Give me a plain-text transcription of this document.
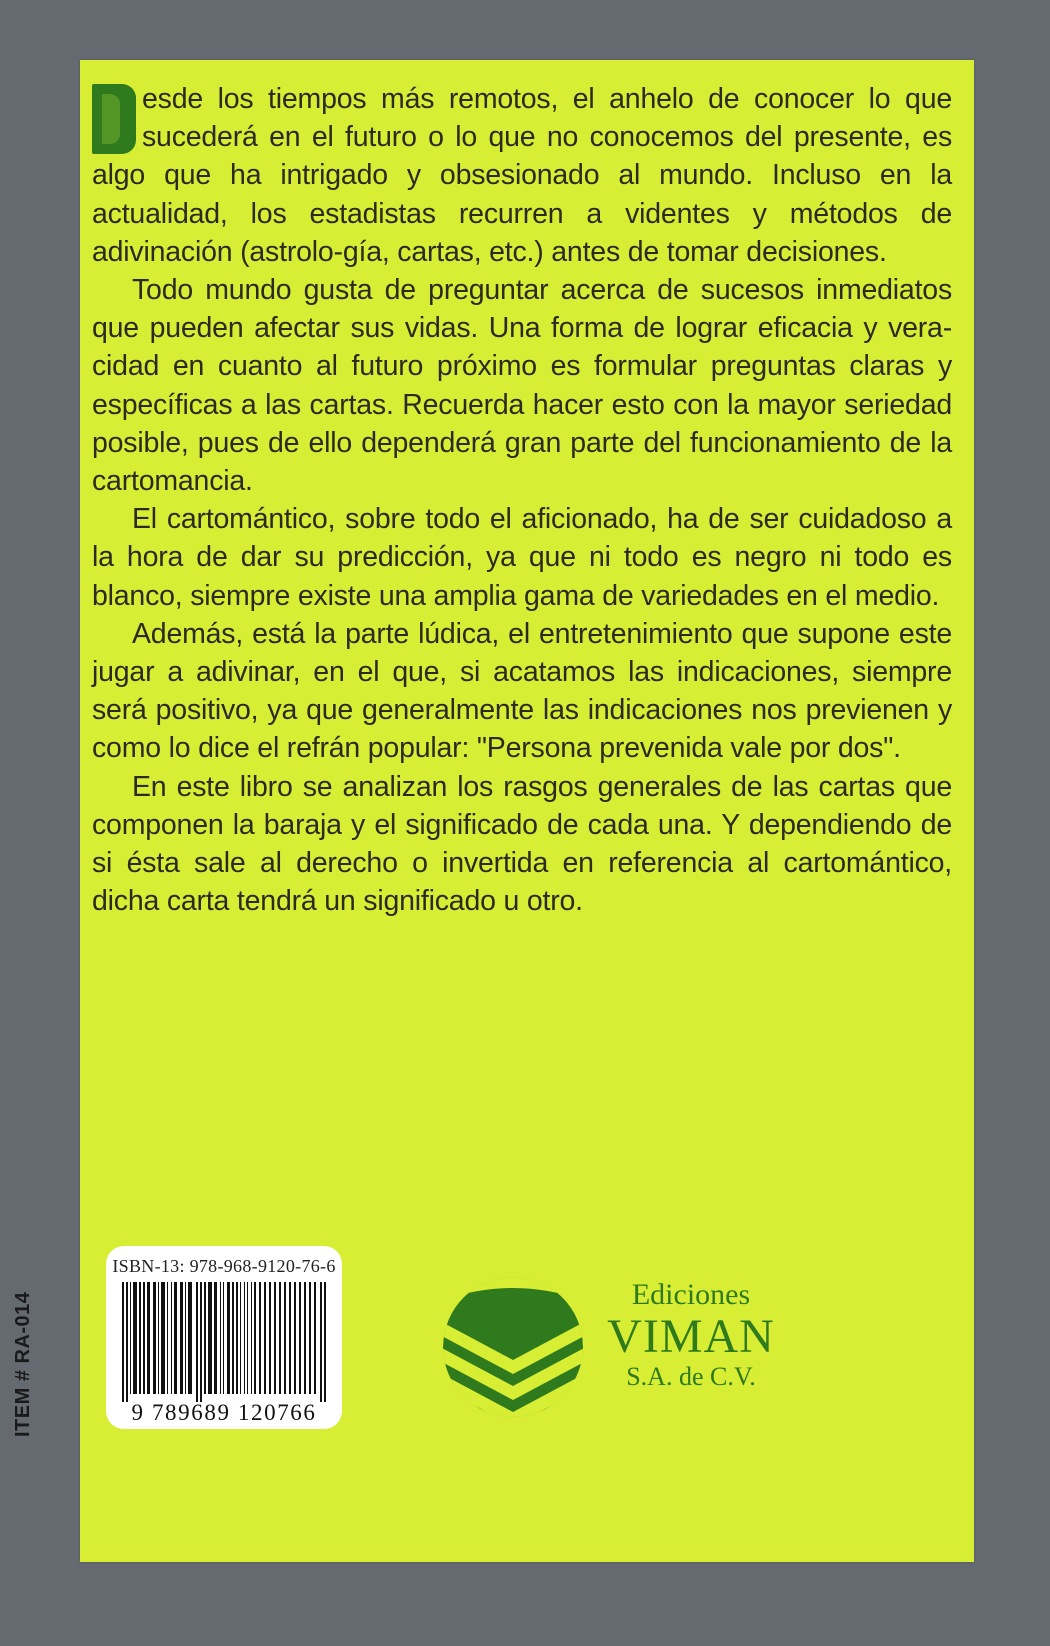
esde los tiempos más remotos, el anhelo de conocer lo que sucederá en el futuro o lo que no conocemos del presente, es algo que ha intrigado y obsesionado al mundo. Incluso en la actualidad, los estadistas recurren a videntes y métodos de adivinación (astrolo-gía, cartas, etc.) antes de tomar decisiones.

Todo mundo gusta de preguntar acerca de sucesos inmediatos que pueden afectar sus vidas. Una forma de lograr eficacia y vera-cidad en cuanto al futuro próximo es formular preguntas claras y específicas a las cartas. Recuerda hacer esto con la mayor seriedad posible, pues de ello dependerá gran parte del funcionamiento de la cartomancia.

El cartomántico, sobre todo el aficionado, ha de ser cuidadoso a la hora de dar su predicción, ya que ni todo es negro ni todo es blanco, siempre existe una amplia gama de variedades en el medio.

Además, está la parte lúdica, el entretenimiento que supone este jugar a adivinar, en el que, si acatamos las indicaciones, siempre será positivo, ya que generalmente las indicaciones nos previenen y como lo dice el refrán popular: "Persona prevenida vale por dos".

En este libro se analizan los rasgos generales de las cartas que componen la baraja y el significado de cada una. Y dependiendo de si ésta sale al derecho o invertida en referencia al cartomántico, dicha carta tendrá un significado u otro.

ITEM # RA-014
ISBN-13: 978-968-9120-76-6
9 789689 120766
Ediciones
VIMAN
S.A. de C.V.
